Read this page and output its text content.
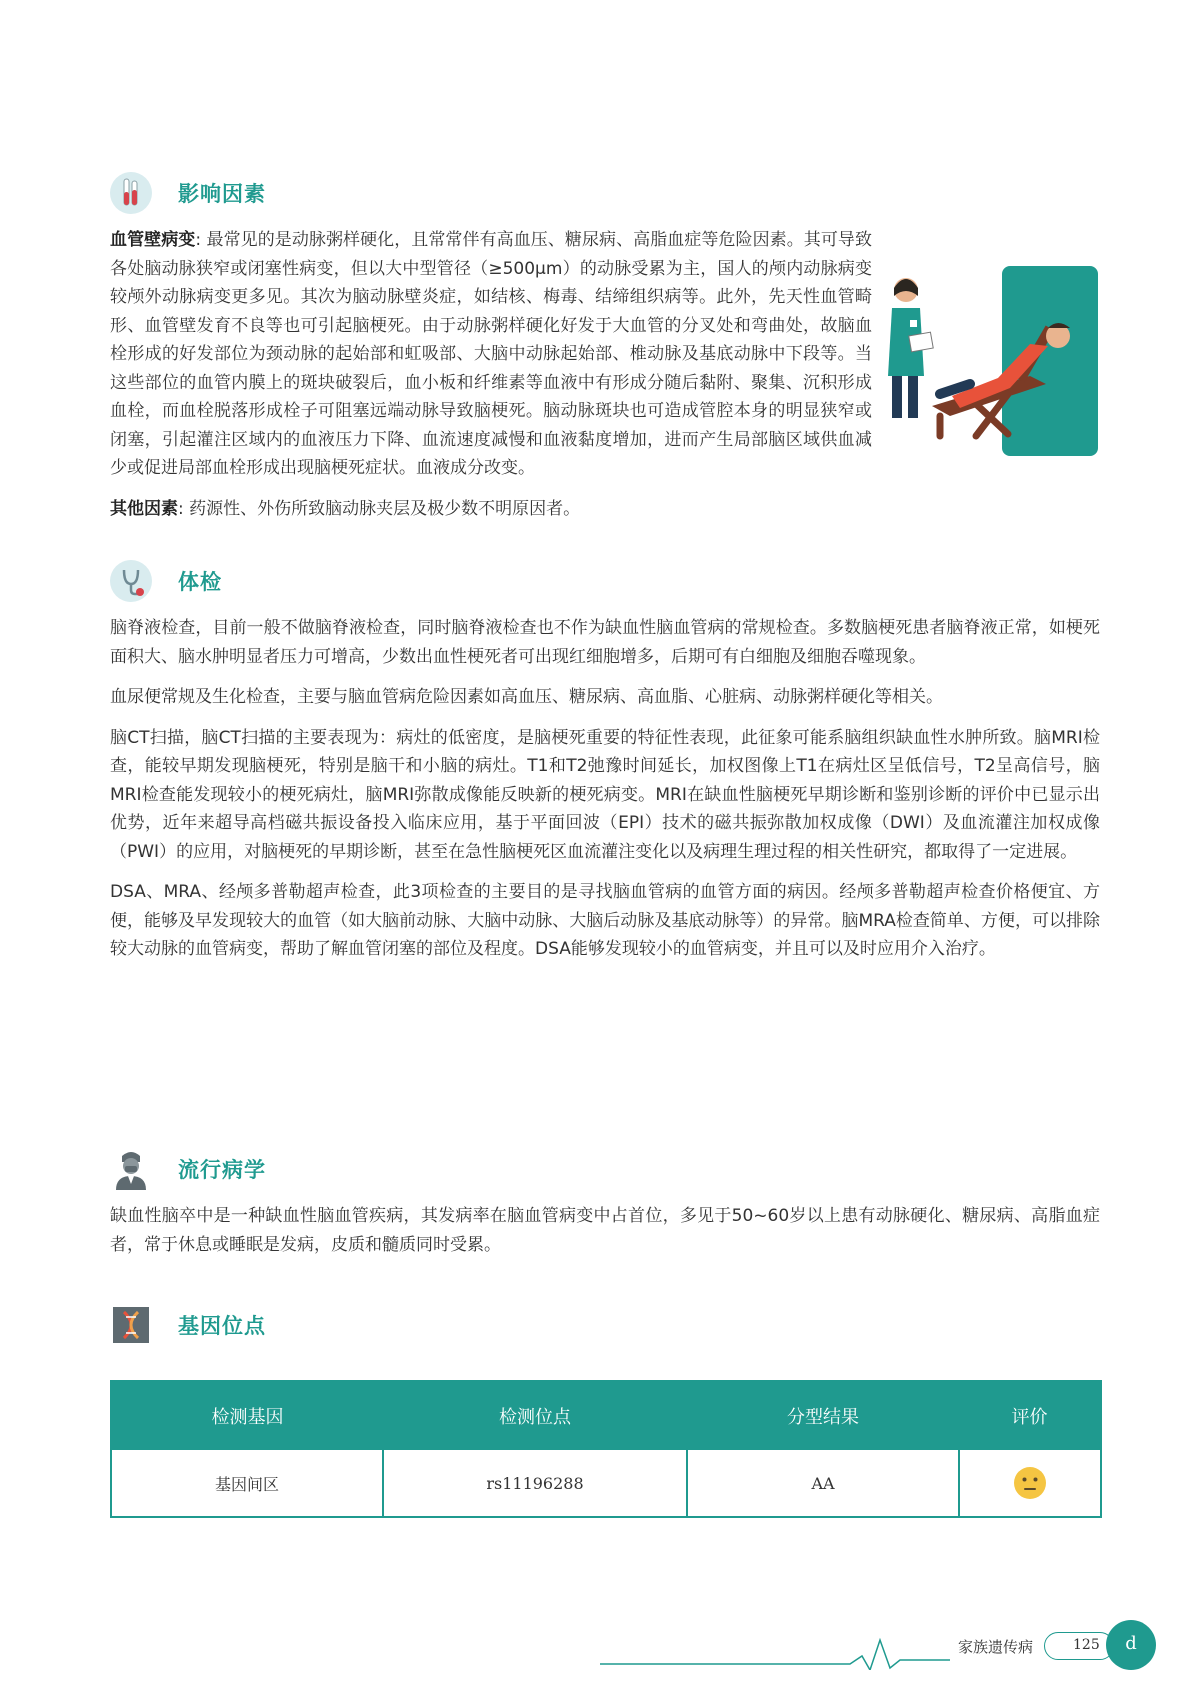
影响因素

血管壁病变: 最常见的是动脉粥样硬化，且常常伴有高血压、糖尿病、高脂血症等危险因素。其可导致各处脑动脉狭窄或闭塞性病变，但以大中型管径（≥500μm）的动脉受累为主，国人的颅内动脉病变较颅外动脉病变更多见。其次为脑动脉壁炎症，如结核、梅毒、结缔组织病等。此外，先天性血管畸形、血管壁发育不良等也可引起脑梗死。由于动脉粥样硬化好发于大血管的分叉处和弯曲处，故脑血栓形成的好发部位为颈动脉的起始部和虹吸部、大脑中动脉起始部、椎动脉及基底动脉中下段等。当这些部位的血管内膜上的斑块破裂后，血小板和纤维素等血液中有形成分随后黏附、聚集、沉积形成血栓，而血栓脱落形成栓子可阻塞远端动脉导致脑梗死。脑动脉斑块也可造成管腔本身的明显狭窄或闭塞，引起灌注区域内的血液压力下降、血流速度减慢和血液黏度增加，进而产生局部脑区域供血减少或促进局部血栓形成出现脑梗死症状。血液成分改变。

其他因素: 药源性、外伤所致脑动脉夹层及极少数不明原因者。

体检

脑脊液检查，目前一般不做脑脊液检查，同时脑脊液检查也不作为缺血性脑血管病的常规检查。多数脑梗死患者脑脊液正常，如梗死面积大、脑水肿明显者压力可增高，少数出血性梗死者可出现红细胞增多，后期可有白细胞及细胞吞噬现象。

血尿便常规及生化检查，主要与脑血管病危险因素如高血压、糖尿病、高血脂、心脏病、动脉粥样硬化等相关。

脑CT扫描，脑CT扫描的主要表现为：病灶的低密度，是脑梗死重要的特征性表现，此征象可能系脑组织缺血性水肿所致。脑MRI检查，能较早期发现脑梗死，特别是脑干和小脑的病灶。T1和T2弛豫时间延长，加权图像上T1在病灶区呈低信号，T2呈高信号，脑MRI检查能发现较小的梗死病灶，脑MRI弥散成像能反映新的梗死病变。MRI在缺血性脑梗死早期诊断和鉴别诊断的评价中已显示出优势，近年来超导高档磁共振设备投入临床应用，基于平面回波（EPI）技术的磁共振弥散加权成像（DWI）及血流灌注加权成像（PWI）的应用，对脑梗死的早期诊断，甚至在急性脑梗死区血流灌注变化以及病理生理过程的相关性研究，都取得了一定进展。

DSA、MRA、经颅多普勒超声检查，此3项检查的主要目的是寻找脑血管病的血管方面的病因。经颅多普勒超声检查价格便宜、方便，能够及早发现较大的血管（如大脑前动脉、大脑中动脉、大脑后动脉及基底动脉等）的异常。脑MRA检查简单、方便，可以排除较大动脉的血管病变，帮助了解血管闭塞的部位及程度。DSA能够发现较小的血管病变，并且可以及时应用介入治疗。

流行病学

缺血性脑卒中是一种缺血性脑血管疾病，其发病率在脑血管病变中占首位，多见于50~60岁以上患有动脉硬化、糖尿病、高脂血症者，常于休息或睡眠是发病，皮质和髓质同时受累。

基因位点
检测基因	检测位点	分型结果	评价
基因间区	rs11196288	AA	
家族遗传病	125	d
